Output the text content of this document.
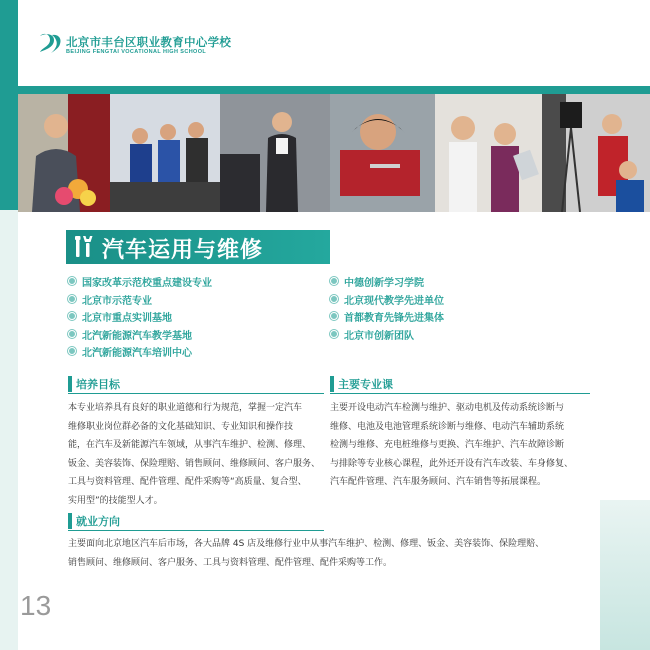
北京市丰台区职业教育中心学校
BEIJING FENGTAI VOCATIONAL HIGH SCHOOL
汽车运用与维修
国家改革示范校重点建设专业
北京市示范专业
北京市重点实训基地
北汽新能源汽车教学基地
北汽新能源汽车培训中心
中德创新学习学院
北京现代教学先进单位
首都教育先锋先进集体
北京市创新团队
培养目标
本专业培养具有良好的职业道德和行为规范，掌握一定汽车
维修职业岗位群必备的文化基础知识、专业知识和操作技
能，在汽车及新能源汽车领域，从事汽车维护、检测、修理、
钣金、美容装饰、保险理赔、销售顾问、维修顾问、客户服务、
工具与资料管理、配件管理、配件采购等“高质量、复合型、
实用型”的技能型人才。
主要专业课
主要开设电动汽车检测与维护、驱动电机及传动系统诊断与
维修、电池及电池管理系统诊断与维修、电动汽车辅助系统
检测与维修、充电桩维修与更换、汽车维护、汽车故障诊断
与排除等专业核心课程，此外还开设有汽车改装、车身修复、
汽车配件管理、汽车服务顾问、汽车销售等拓展课程。
就业方向
主要面向北京地区汽车后市场，各大品牌 4S 店及维修行业中从事汽车维护、检测、修理、钣金、美容装饰、保险理赔、
销售顾问、维修顾问、客户服务、工具与资料管理、配件管理、配件采购等工作。
13
